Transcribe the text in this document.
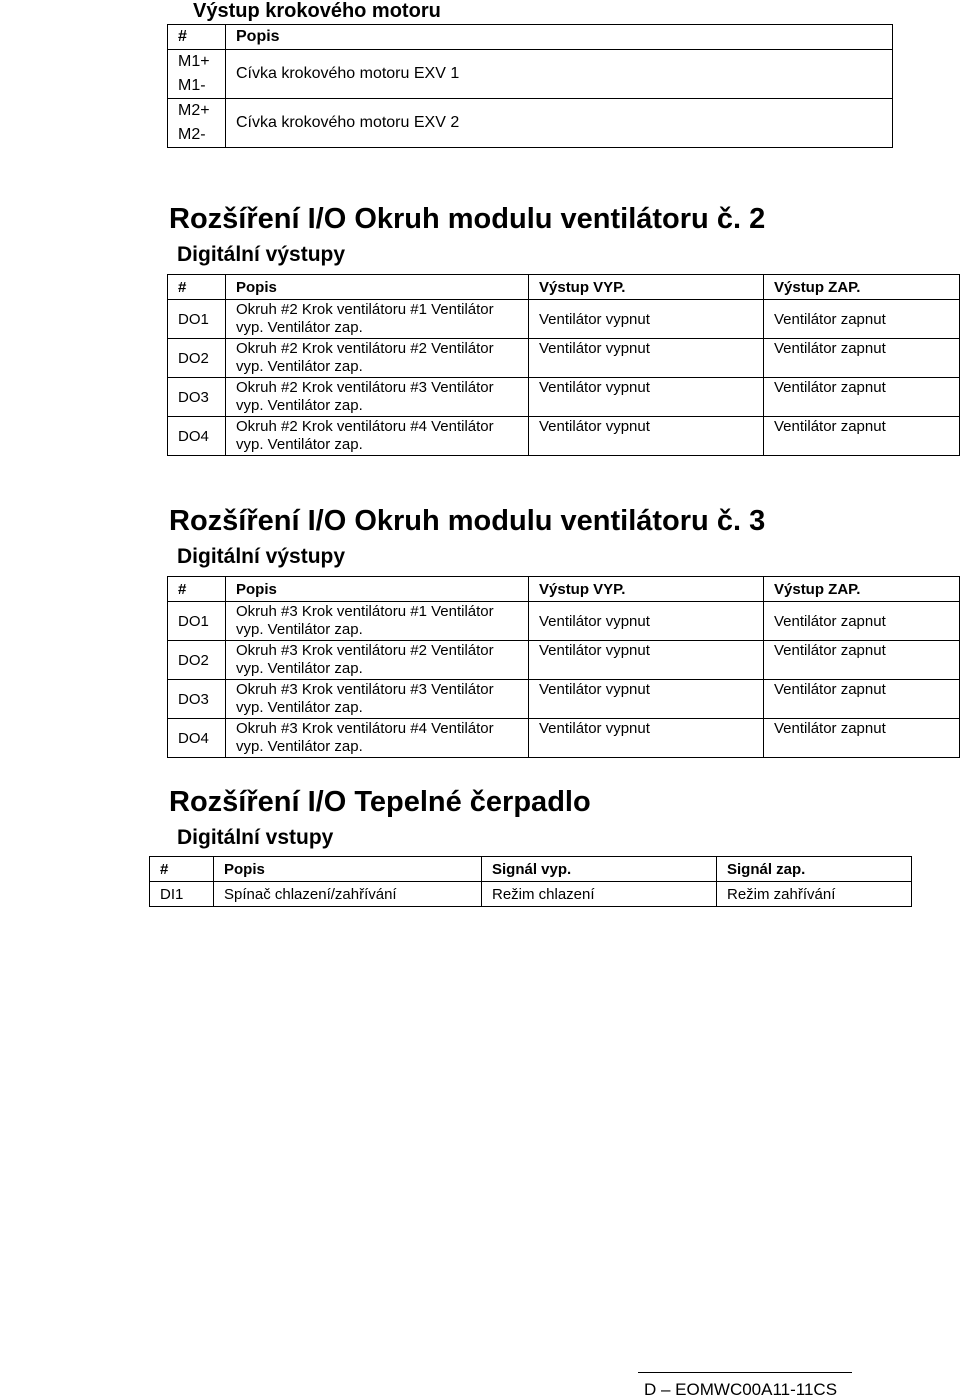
Výstup krokového motoru
#	Popis
M1+	Cívka krokového motoru EXV 1
M1-	
M2+	Cívka krokového motoru EXV 2
M2-	
Rozšíření I/O Okruh modulu ventilátoru č. 2
Digitální výstupy
#	Popis	Výstup VYP.	Výstup ZAP.
DO1	Okruh #2 Krok ventilátoru #1 Ventilátor
vyp. Ventilátor zap.	Ventilátor vypnut	Ventilátor zapnut
DO2	Okruh #2 Krok ventilátoru #2 Ventilátor
vyp. Ventilátor zap.	Ventilátor vypnut	Ventilátor zapnut
DO3	Okruh #2 Krok ventilátoru #3 Ventilátor
vyp. Ventilátor zap.	Ventilátor vypnut	Ventilátor zapnut
DO4	Okruh #2 Krok ventilátoru #4 Ventilátor
vyp. Ventilátor zap.	Ventilátor vypnut	Ventilátor zapnut
Rozšíření I/O Okruh modulu ventilátoru č. 3
Digitální výstupy
#	Popis	Výstup VYP.	Výstup ZAP.
DO1	Okruh #3 Krok ventilátoru #1 Ventilátor
vyp. Ventilátor zap.	Ventilátor vypnut	Ventilátor zapnut
DO2	Okruh #3 Krok ventilátoru #2 Ventilátor
vyp. Ventilátor zap.	Ventilátor vypnut	Ventilátor zapnut
DO3	Okruh #3 Krok ventilátoru #3 Ventilátor
vyp. Ventilátor zap.	Ventilátor vypnut	Ventilátor zapnut
DO4	Okruh #3 Krok ventilátoru #4 Ventilátor
vyp. Ventilátor zap.	Ventilátor vypnut	Ventilátor zapnut
Rozšíření I/O Tepelné čerpadlo
Digitální vstupy
#	Popis	Signál vyp.	Signál zap.
DI1	Spínač chlazení/zahřívání	Režim chlazení	Režim zahřívání
D – EOMWC00A11-11CS
